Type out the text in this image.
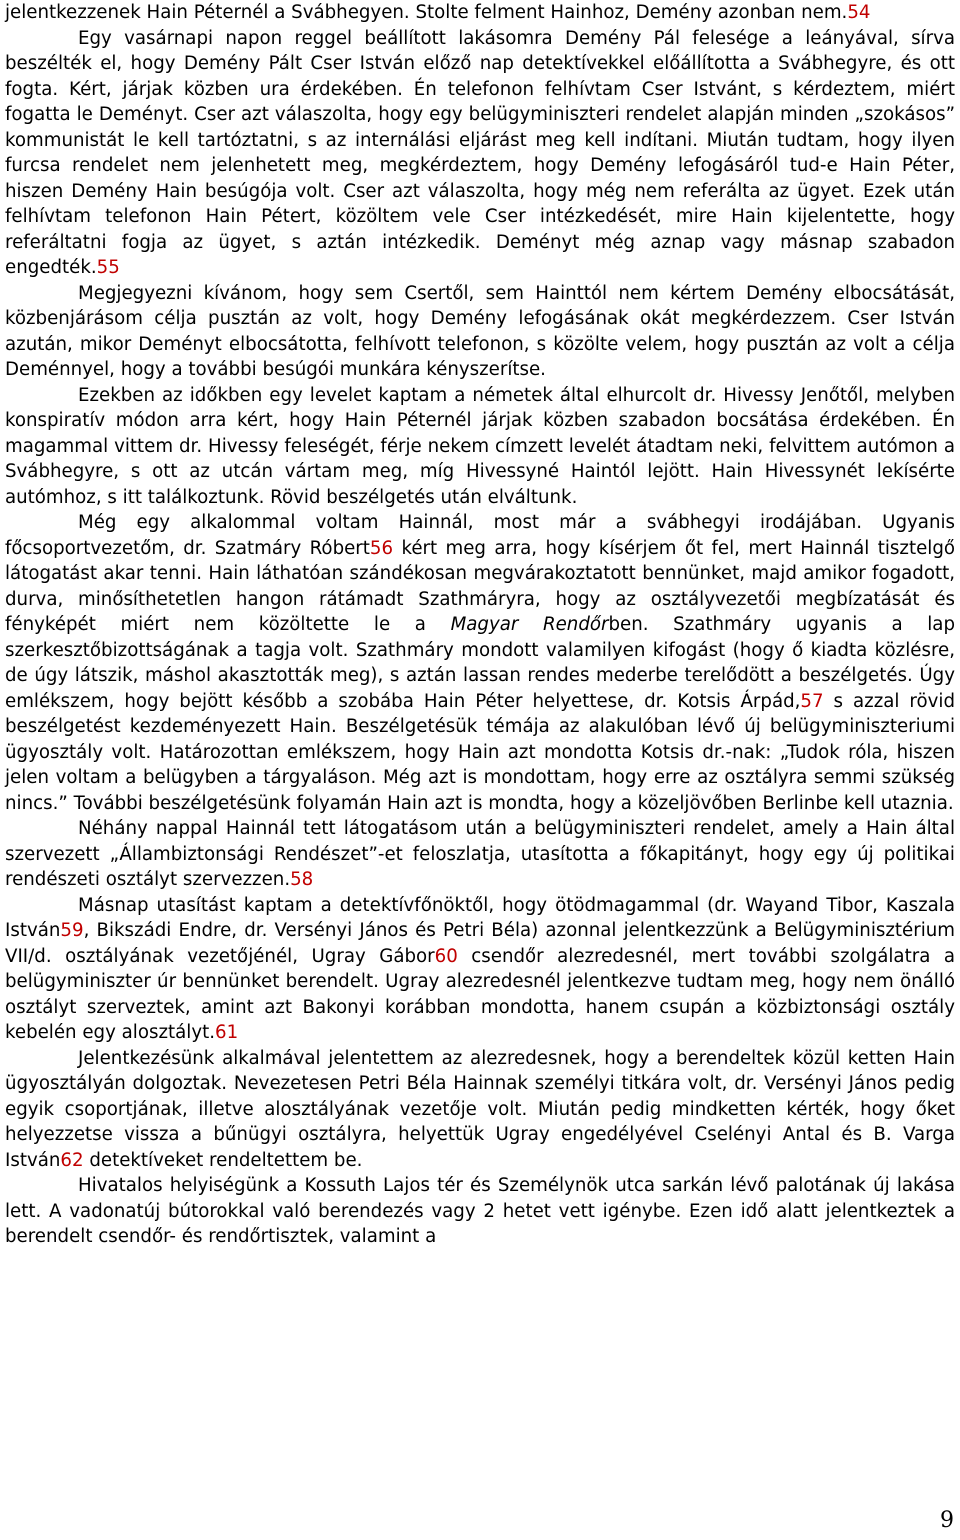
jelentkezzenek Hain Péternél a Svábhegyen. Stolte felment Hainhoz, Demény azonban nem.54

Egy vasárnapi napon reggel beállított lakásomra Demény Pál felesége a leányával, sírva beszélték el, hogy Demény Pált Cser István előző nap detektívekkel előállította a Svábhegyre, és ott fogta. Kért, járjak közben ura érdekében. Én telefonon felhívtam Cser Istvánt, s kérdeztem, miért fogatta le Deményt. Cser azt válaszolta, hogy egy belügyminiszteri rendelet alapján minden „szokásos” kommunistát le kell tartóztatni, s az internálási eljárást meg kell indítani. Miután tudtam, hogy ilyen furcsa rendelet nem jelenhetett meg, megkérdeztem, hogy Demény lefogásáról tud-e Hain Péter, hiszen Demény Hain besúgója volt. Cser azt válaszolta, hogy még nem referálta az ügyet. Ezek után felhívtam telefonon Hain Pétert, közöltem vele Cser intézkedését, mire Hain kijelentette, hogy referáltatni fogja az ügyet, s aztán intézkedik. Deményt még aznap vagy másnap szabadon engedték.55

Megjegyezni kívánom, hogy sem Csertől, sem Hainttól nem kértem Demény elbocsátását, közbenjárásom célja pusztán az volt, hogy Demény lefogásának okát megkérdezzem. Cser István azután, mikor Deményt elbocsátotta, felhívott telefonon, s közölte velem, hogy pusztán az volt a célja Deménnyel, hogy a további besúgói munkára kényszerítse.

Ezekben az időkben egy levelet kaptam a németek által elhurcolt dr. Hivessy Jenőtől, melyben konspiratív módon arra kért, hogy Hain Péternél járjak közben szabadon bocsátása érdekében. Én magammal vittem dr. Hivessy feleségét, férje nekem címzett levelét átadtam neki, felvittem autómon a Svábhegyre, s ott az utcán vártam meg, míg Hivessyné Haintól lejött. Hain Hivessynét lekísérte autómhoz, s itt találkoztunk. Rövid beszélgetés után elváltunk.

Még egy alkalommal voltam Hainnál, most már a svábhegyi irodájában. Ugyanis főcsoportvezetőm, dr. Szatmáry Róbert56 kért meg arra, hogy kísérjem őt fel, mert Hainnál tisztelgő látogatást akar tenni. Hain láthatóan szándékosan megvárakoztatott bennünket, majd amikor fogadott, durva, minősíthetetlen hangon rátámadt Szathmáryra, hogy az osztályvezetői megbízatását és fényképét miért nem közöltette le a Magyar Rendőrben. Szathmáry ugyanis a lap szerkesztőbizottságának a tagja volt. Szathmáry mondott valamilyen kifogást (hogy ő kiadta közlésre, de úgy látszik, máshol akasztották meg), s aztán lassan rendes mederbe terelődött a beszélgetés. Úgy emlékszem, hogy bejött később a szobába Hain Péter helyettese, dr. Kotsis Árpád,57 s azzal rövid beszélgetést kezdeményezett Hain. Beszélgetésük témája az alakulóban lévő új belügyminiszteriumi ügyosztály volt. Határozottan emlékszem, hogy Hain azt mondotta Kotsis dr.-nak: „Tudok róla, hiszen jelen voltam a belügyben a tárgyaláson. Még azt is mondottam, hogy erre az osztályra semmi szükség nincs.” További beszélgetésünk folyamán Hain azt is mondta, hogy a közeljövőben Berlinbe kell utaznia.

Néhány nappal Hainnál tett látogatásom után a belügyminiszteri rendelet, amely a Hain által szervezett „Állambiztonsági Rendészet”-et feloszlatja, utasította a főkapitányt, hogy egy új politikai rendészeti osztályt szervezzen.58

Másnap utasítást kaptam a detektívfőnöktől, hogy ötödmagammal (dr. Wayand Tibor, Kaszala István59, Bikszádi Endre, dr. Versényi János és Petri Béla) azonnal jelentkezzünk a Belügyminisztérium VII/d. osztályának vezetőjénél, Ugray Gábor60 csendőr alezredesnél, mert további szolgálatra a belügyminiszter úr bennünket berendelt. Ugray alezredesnél jelentkezve tudtam meg, hogy nem önálló osztályt szerveztek, amint azt Bakonyi korábban mondotta, hanem csupán a közbiztonsági osztály kebelén egy alosztályt.61

Jelentkezésünk alkalmával jelentettem az alezredesnek, hogy a berendeltek közül ketten Hain ügyosztályán dolgoztak. Nevezetesen Petri Béla Hainnak személyi titkára volt, dr. Versényi János pedig egyik csoportjának, illetve alosztályának vezetője volt. Miután pedig mindketten kérték, hogy őket helyezzetse vissza a bűnügyi osztályra, helyettük Ugray engedélyével Cselényi Antal és B. Varga István62 detektíveket rendeltettem be.

Hivatalos helyiségünk a Kossuth Lajos tér és Személynök utca sarkán lévő palotának új lakása lett. A vadonatúj bútorokkal való berendezés vagy 2 hetet vett igénybe. Ezen idő alatt jelentkeztek a berendelt csendőr- és rendőrtisztek, valamint a

9
